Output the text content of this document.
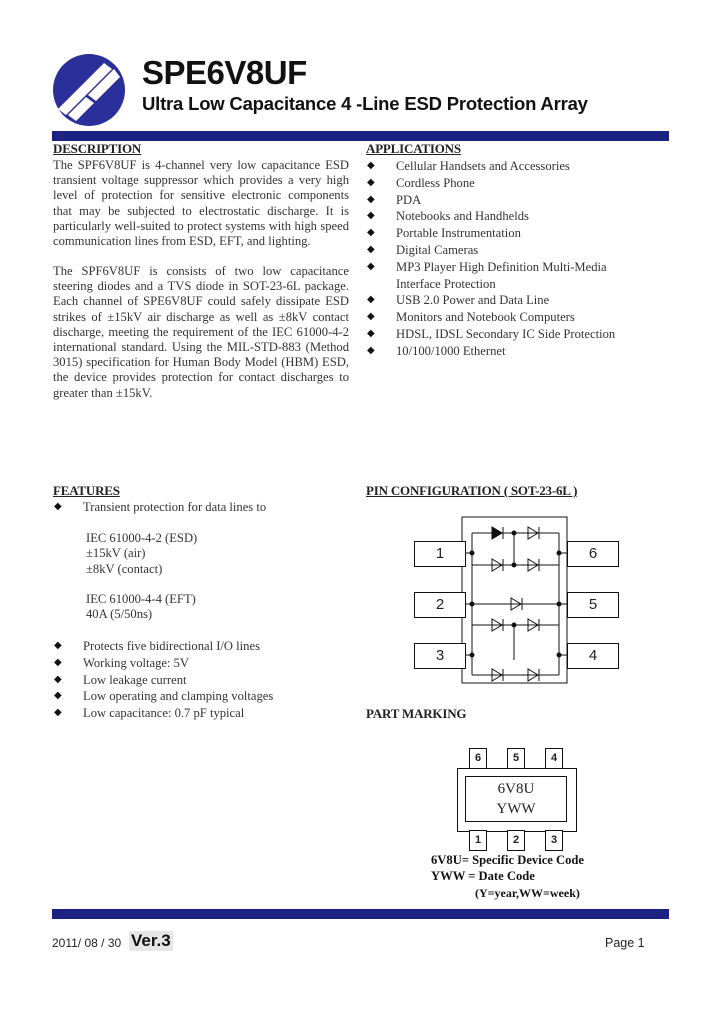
SPE6V8UF
Ultra Low Capacitance 4 -Line ESD Protection Array
DESCRIPTION
The SPF6V8UF is 4-channel very low capacitance ESD transient voltage suppressor which provides a very high level of protection for sensitive electronic components that may be subjected to electrostatic discharge. It is particularly well-suited to protect systems with high speed communication lines from ESD, EFT, and lighting.
The SPF6V8UF is consists of two low capacitance steering diodes and a TVS diode in SOT-23-6L package. Each channel of SPE6V8UF could safely dissipate ESD strikes of ±15kV air discharge as well as ±8kV contact discharge, meeting the requirement of the IEC 61000-4-2 international standard. Using the MIL-STD-883 (Method 3015) specification for Human Body Model (HBM) ESD, the device provides protection for contact discharges to greater than ±15kV.
APPLICATIONS
◆ Cellular Handsets and Accessories
◆ Cordless Phone
◆ PDA
◆ Notebooks and Handhelds
◆ Portable Instrumentation
◆ Digital Cameras
◆ MP3 Player High Definition Multi-Media
Interface Protection
◆ USB 2.0 Power and Data Line
◆ Monitors and Notebook Computers
◆ HDSL, IDSL Secondary IC Side Protection
◆ 10/100/1000 Ethernet
FEATURES
◆ Transient protection for data lines to
IEC 61000-4-2 (ESD)
±15kV (air)
±8kV (contact)
IEC 61000-4-4 (EFT)
40A (5/50ns)
◆ Protects five bidirectional I/O lines
◆ Working voltage: 5V
◆ Low leakage current
◆ Low operating and clamping voltages
◆ Low capacitance: 0.7 pF typical
PIN CONFIGURATION ( SOT-23-6L )
1
2
3
6
5
4
PART MARKING
6	5	4
6V8U
YWW
1	2	3
6V8U= Specific Device Code
YWW = Date Code
(Y=year,WW=week)
2011/ 08 / 30 Ver.3	Page 1
